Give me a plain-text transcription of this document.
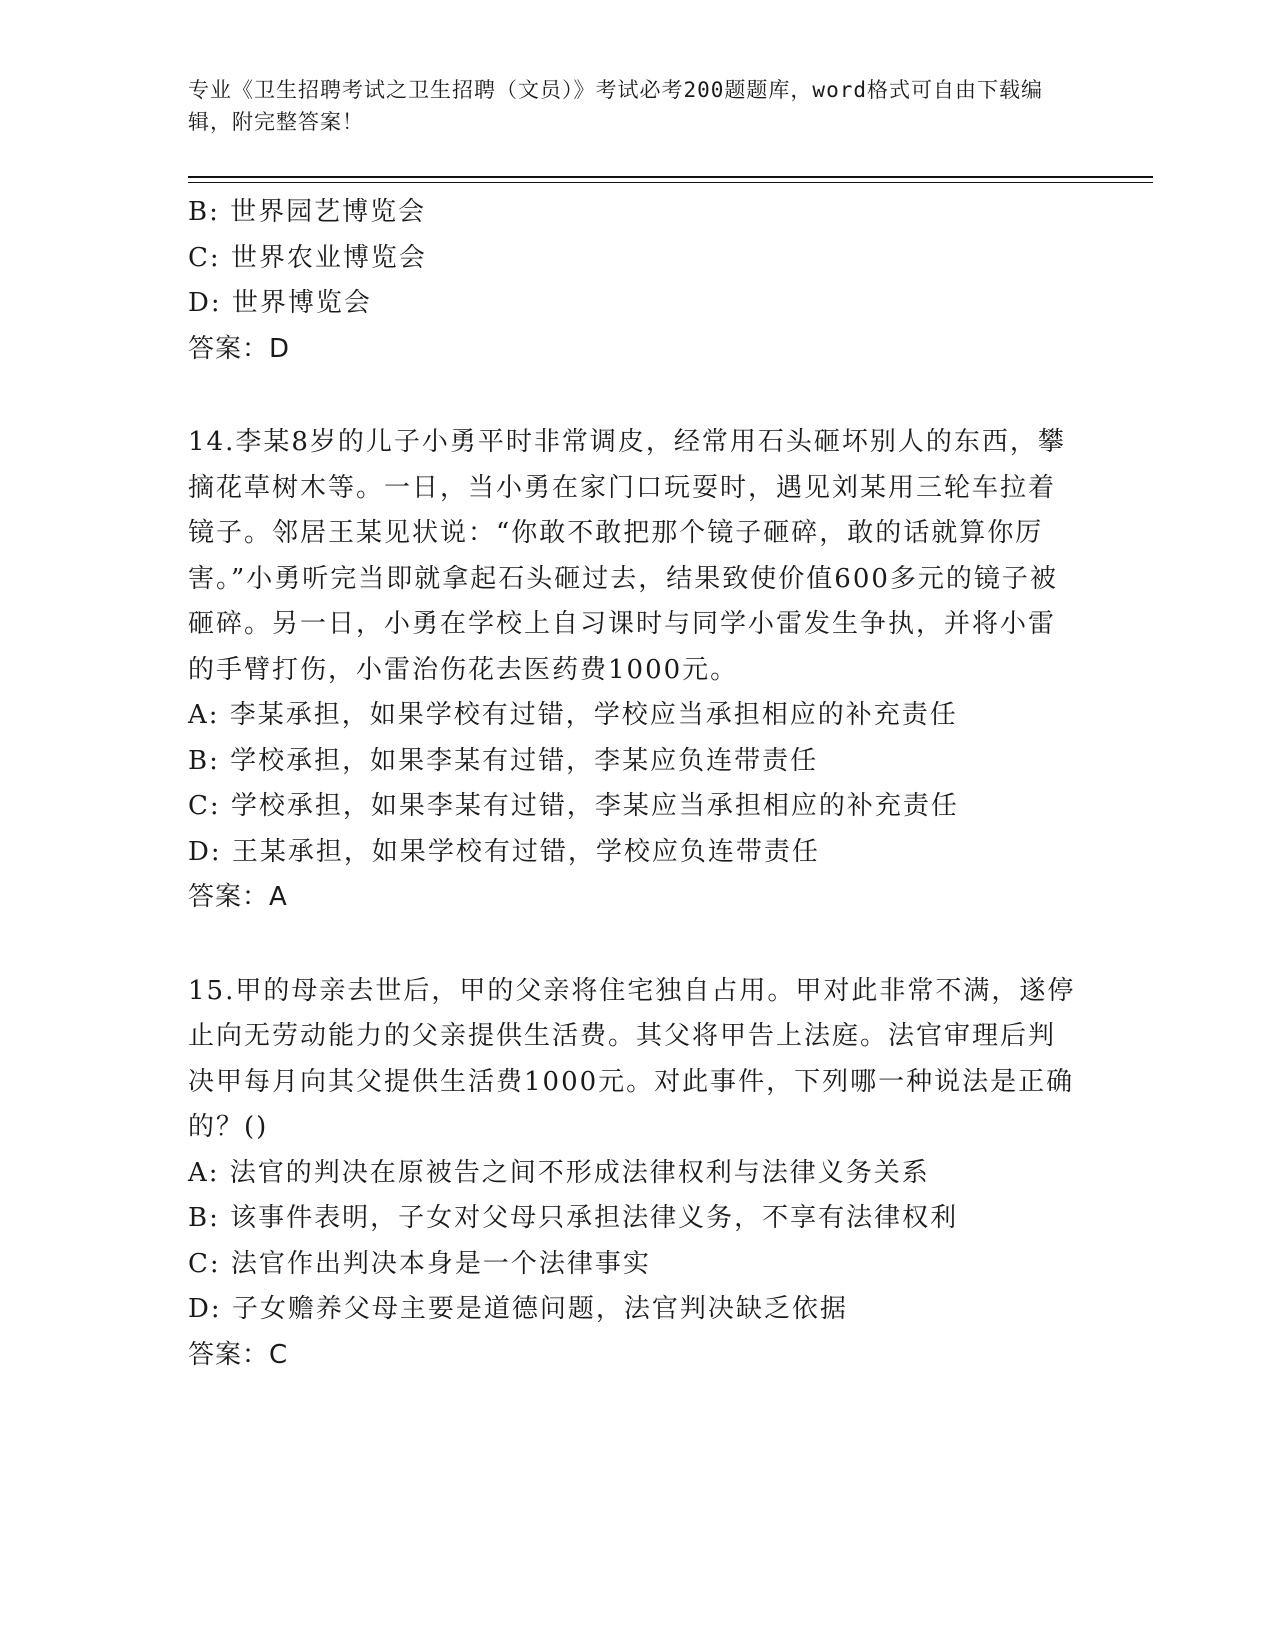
专业《卫生招聘考试之卫生招聘（文员）》考试必考200题题库，word格式可自由下载编辑，附完整答案！
B: 世界园艺博览会
C: 世界农业博览会
D: 世界博览会
答案：D
14.李某8岁的儿子小勇平时非常调皮，经常用石头砸坏别人的东西，攀摘花草树木等。一日，当小勇在家门口玩耍时，遇见刘某用三轮车拉着镜子。邻居王某见状说：“你敢不敢把那个镜子砸碎，敢的话就算你厉害。”小勇听完当即就拿起石头砸过去，结果致使价值600多元的镜子被砸碎。另一日，小勇在学校上自习课时与同学小雷发生争执，并将小雷的手臂打伤，小雷治伤花去医药费1000元。
A: 李某承担，如果学校有过错，学校应当承担相应的补充责任
B: 学校承担，如果李某有过错，李某应负连带责任
C: 学校承担，如果李某有过错，李某应当承担相应的补充责任
D: 王某承担，如果学校有过错，学校应负连带责任
答案：A
15.甲的母亲去世后，甲的父亲将住宅独自占用。甲对此非常不满，遂停止向无劳动能力的父亲提供生活费。其父将甲告上法庭。法官审理后判决甲每月向其父提供生活费1000元。对此事件，下列哪一种说法是正确的？()
A: 法官的判决在原被告之间不形成法律权利与法律义务关系
B: 该事件表明，子女对父母只承担法律义务，不享有法律权利
C: 法官作出判决本身是一个法律事实
D: 子女赡养父母主要是道德问题，法官判决缺乏依据
答案：C
